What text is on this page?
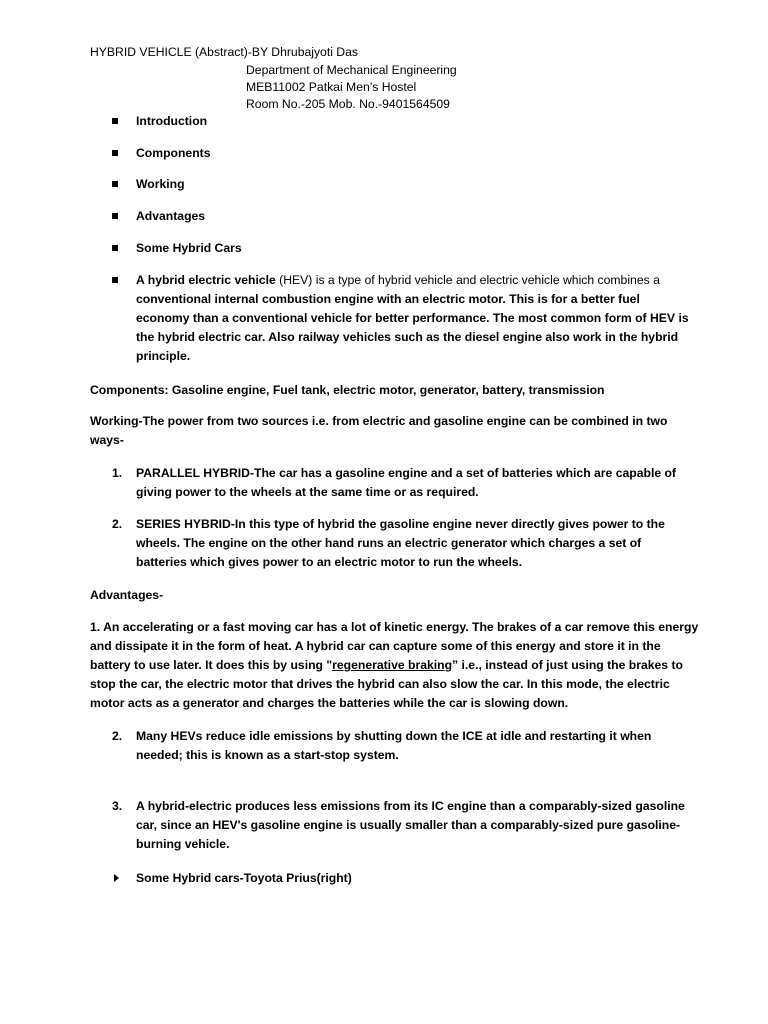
HYBRID VEHICLE (Abstract)-BY Dhrubajyoti Das
Department of Mechanical Engineering
MEB11002 Patkai Men’s Hostel
Room No.-205 Mob. No.-9401564509
Introduction
Components
Working
Advantages
Some Hybrid Cars
A hybrid electric vehicle (HEV) is a type of hybrid vehicle and electric vehicle which combines a
conventional internal combustion engine with an electric motor. This is for a better fuel
economy than a conventional vehicle for better performance. The most common form of HEV is
the hybrid electric car. Also railway vehicles such as the diesel engine also work in the hybrid
principle.
Components: Gasoline engine, Fuel tank, electric motor, generator, battery, transmission
Working-The power from two sources i.e. from electric and gasoline engine can be combined in two
ways-
1. PARALLEL HYBRID-The car has a gasoline engine and a set of batteries which are capable of
giving power to the wheels at the same time or as required.
2. SERIES HYBRID-In this type of hybrid the gasoline engine never directly gives power to the
wheels. The engine on the other hand runs an electric generator which charges a set of
batteries which gives power to an electric motor to run the wheels.
Advantages-
1. An accelerating or a fast moving car has a lot of kinetic energy. The brakes of a car remove this energy
and dissipate it in the form of heat. A hybrid car can capture some of this energy and store it in the
battery to use later. It does this by using "regenerative braking” i.e., instead of just using the brakes to
stop the car, the electric motor that drives the hybrid can also slow the car. In this mode, the electric
motor acts as a generator and charges the batteries while the car is slowing down.
2. Many HEVs reduce idle emissions by shutting down the ICE at idle and restarting it when
needed; this is known as a start-stop system.
3. A hybrid-electric produces less emissions from its IC engine than a comparably-sized gasoline
car, since an HEV's gasoline engine is usually smaller than a comparably-sized pure gasoline-
burning vehicle.
Some Hybrid cars-Toyota Prius(right)
